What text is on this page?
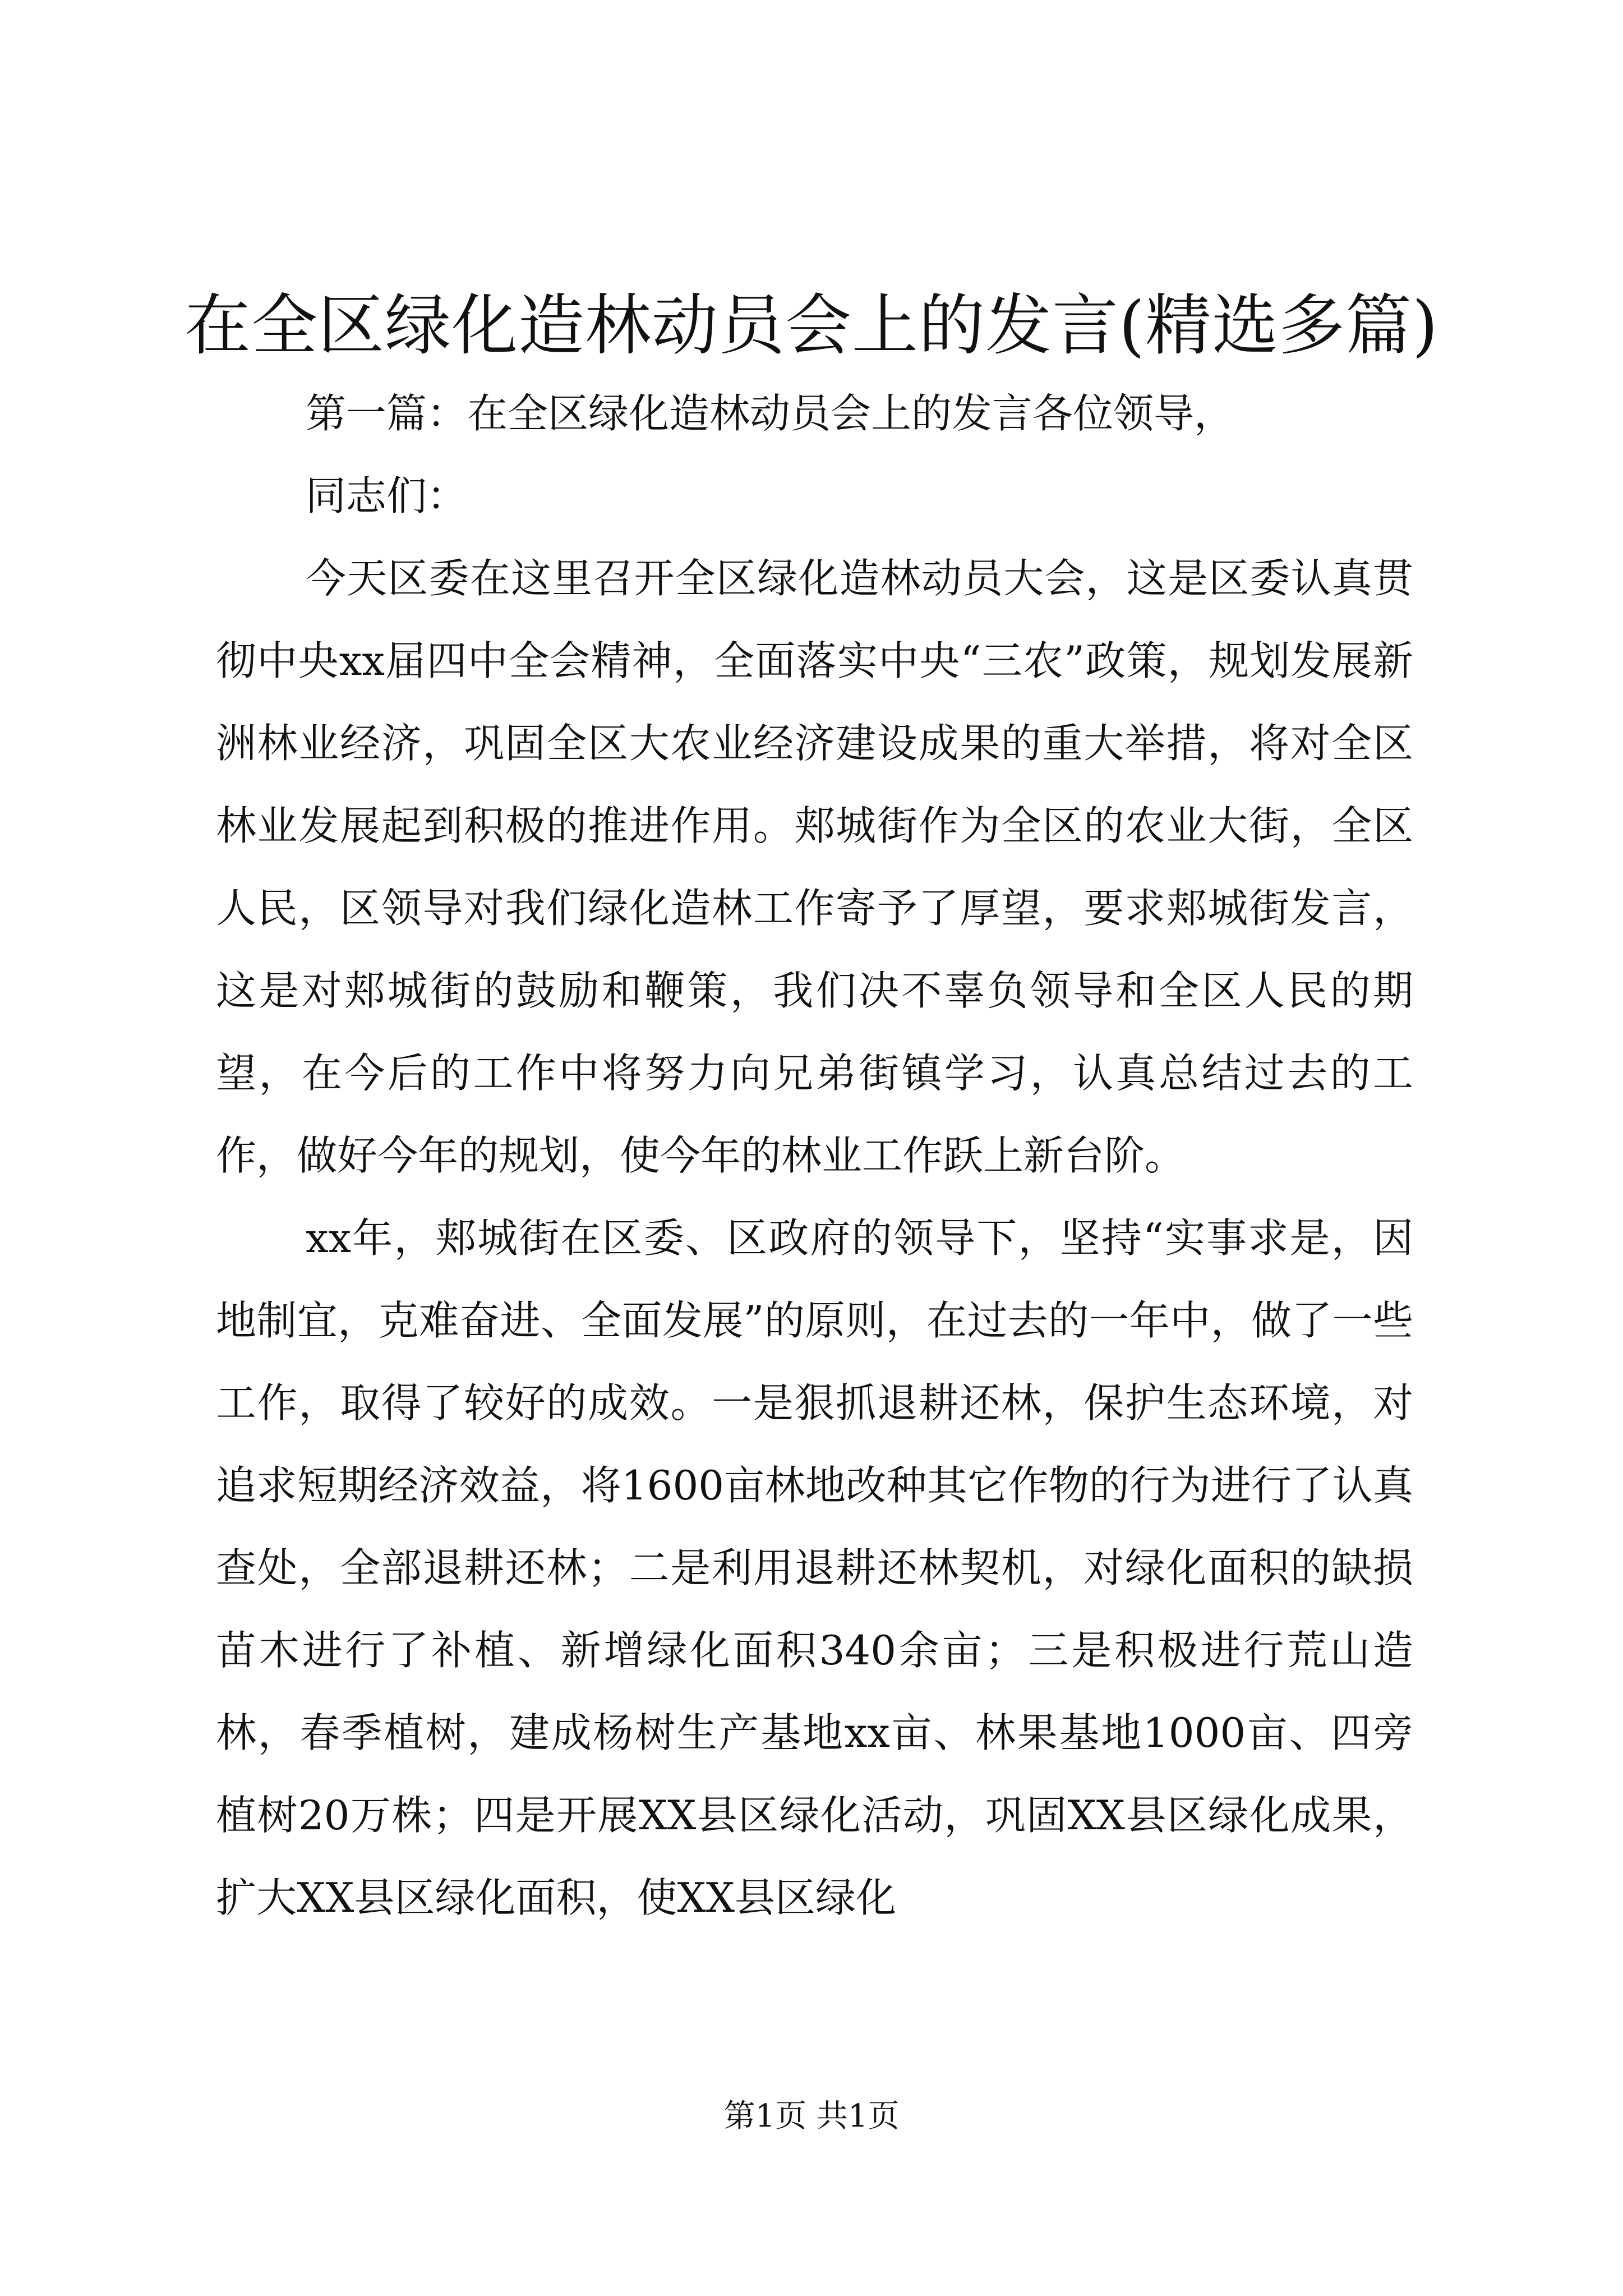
在全区绿化造林动员会上的发言(精选多篇)

第一篇：在全区绿化造林动员会上的发言各位领导，

同志们：

今天区委在这里召开全区绿化造林动员大会，这是区委认真贯彻中央xx届四中全会精神，全面落实中央“三农”政策，规划发展新洲林业经济，巩固全区大农业经济建设成果的重大举措，将对全区林业发展起到积极的推进作用。郏城街作为全区的农业大街，全区人民，区领导对我们绿化造林工作寄予了厚望，要求郏城街发言，这是对郏城街的鼓励和鞭策，我们决不辜负领导和全区人民的期望，在今后的工作中将努力向兄弟街镇学习，认真总结过去的工作，做好今年的规划，使今年的林业工作跃上新台阶。

xx年，郏城街在区委、区政府的领导下，坚持“实事求是，因地制宜，克难奋进、全面发展”的原则，在过去的一年中，做了一些工作，取得了较好的成效。一是狠抓退耕还林，保护生态环境，对追求短期经济效益，将1600亩林地改种其它作物的行为进行了认真查处，全部退耕还林；二是利用退耕还林契机，对绿化面积的缺损苗木进行了补植、新增绿化面积340余亩；三是积极进行荒山造林，春季植树，建成杨树生产基地xx亩、林果基地1000亩、四旁植树20万株；四是开展XX县区绿化活动，巩固XX县区绿化成果，扩大XX县区绿化面积，使XX县区绿化

第1页 共1页
